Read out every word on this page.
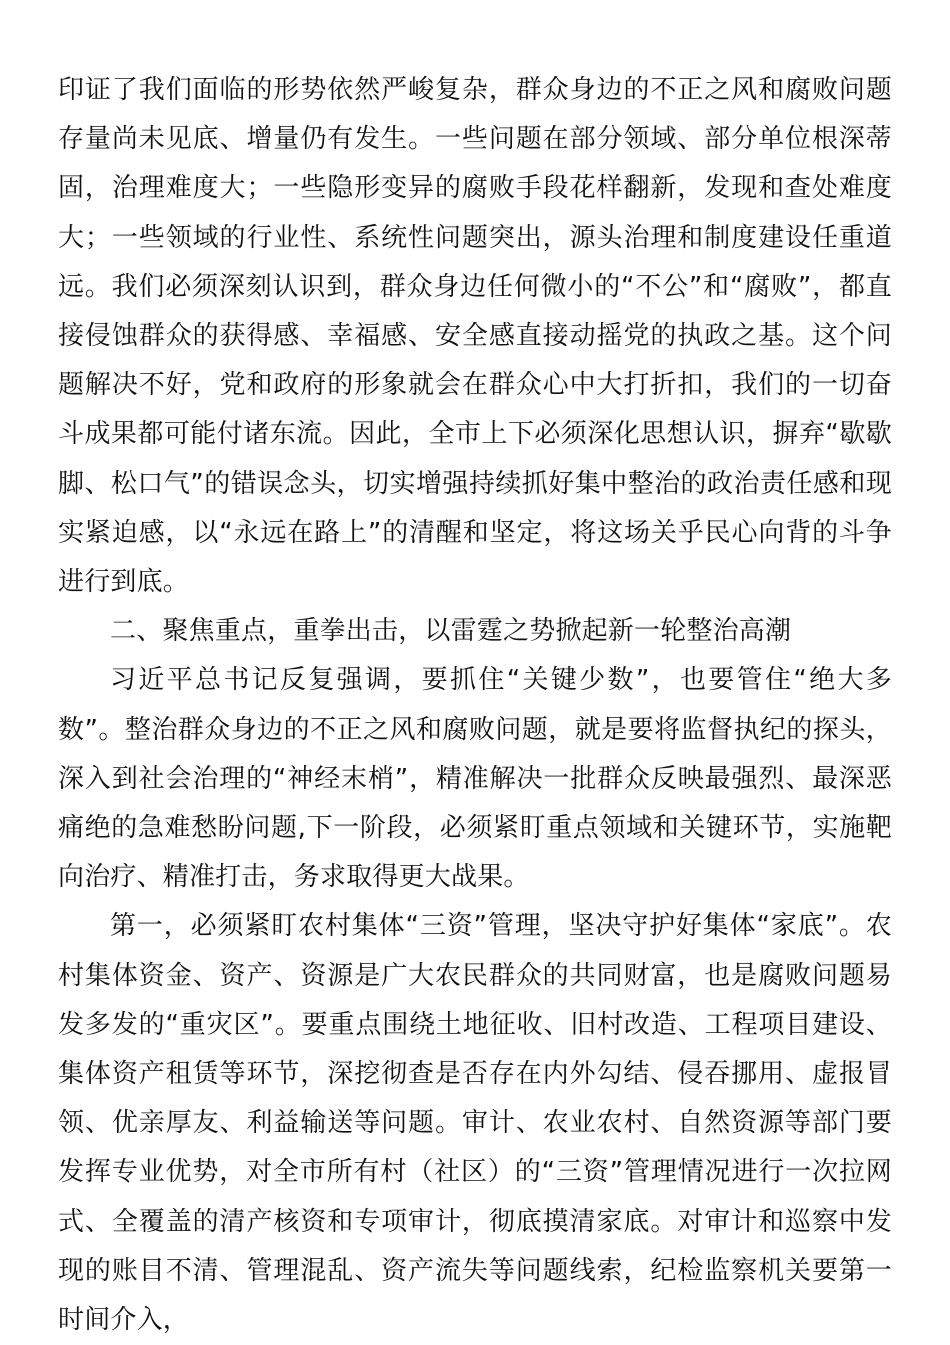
印证了我们面临的形势依然严峻复杂，群众身边的不正之风和腐败问题存量尚未见底、增量仍有发生。一些问题在部分领域、部分单位根深蒂固，治理难度大；一些隐形变异的腐败手段花样翻新，发现和查处难度大；一些领域的行业性、系统性问题突出，源头治理和制度建设任重道远。我们必须深刻认识到，群众身边任何微小的“不公”和“腐败”，都直接侵蚀群众的获得感、幸福感、安全感直接动摇党的执政之基。这个问题解决不好，党和政府的形象就会在群众心中大打折扣，我们的一切奋斗成果都可能付诸东流。因此，全市上下必须深化思想认识，摒弃“歇歇脚、松口气”的错误念头，切实增强持续抓好集中整治的政治责任感和现实紧迫感，以“永远在路上”的清醒和坚定，将这场关乎民心向背的斗争进行到底。

二、聚焦重点，重拳出击，以雷霆之势掀起新一轮整治高潮

习近平总书记反复强调，要抓住“关键少数”，也要管住“绝大多数”。整治群众身边的不正之风和腐败问题，就是要将监督执纪的探头，深入到社会治理的“神经末梢”，精准解决一批群众反映最强烈、最深恶痛绝的急难愁盼问题,下一阶段，必须紧盯重点领域和关键环节，实施靶向治疗、精准打击，务求取得更大战果。

第一，必须紧盯农村集体“三资”管理，坚决守护好集体“家底”。农村集体资金、资产、资源是广大农民群众的共同财富，也是腐败问题易发多发的“重灾区”。要重点围绕土地征收、旧村改造、工程项目建设、集体资产租赁等环节，深挖彻查是否存在内外勾结、侵吞挪用、虚报冒领、优亲厚友、利益输送等问题。审计、农业农村、自然资源等部门要发挥专业优势，对全市所有村（社区）的“三资”管理情况进行一次拉网式、全覆盖的清产核资和专项审计，彻底摸清家底。对审计和巡察中发现的账目不清、管理混乱、资产流失等问题线索，纪检监察机关要第一时间介入，
